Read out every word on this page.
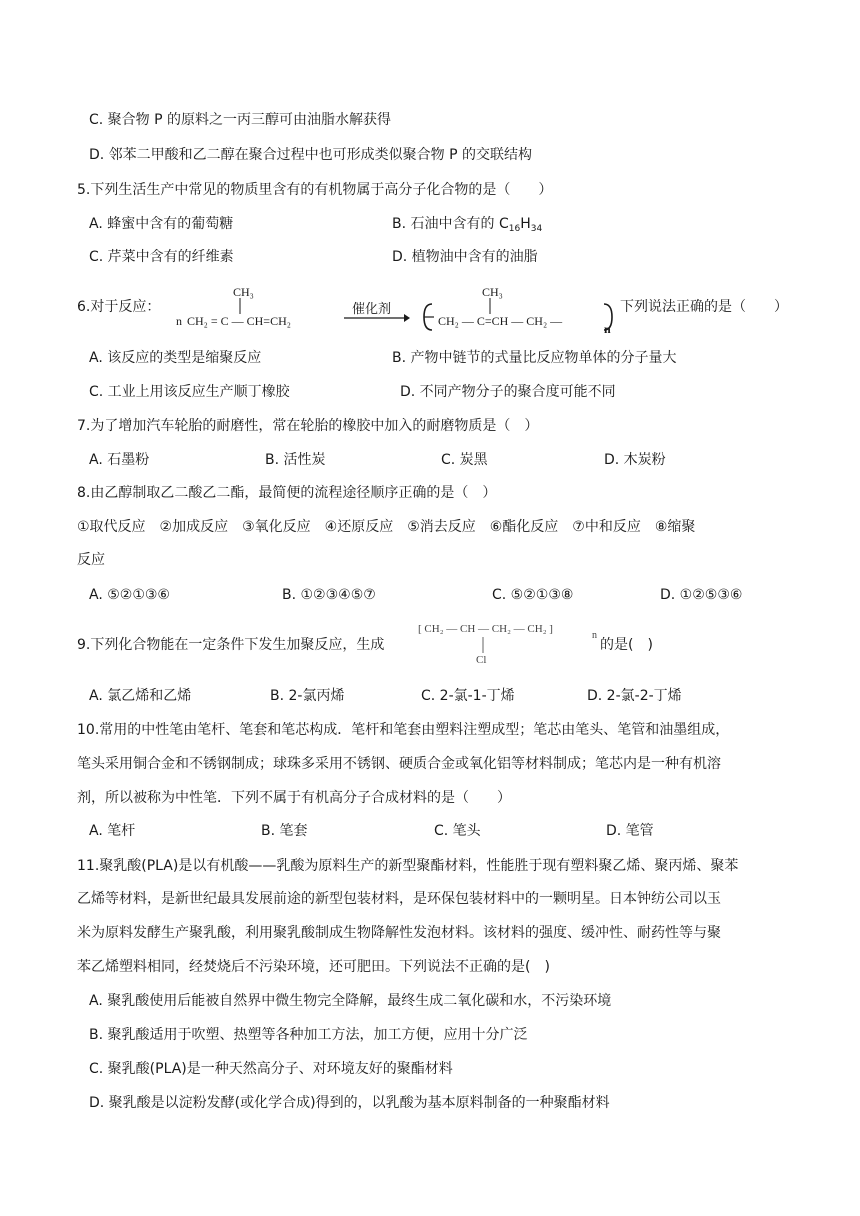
C. 聚合物 P 的原料之一丙三醇可由油脂水解获得
D. 邻苯二甲酸和乙二醇在聚合过程中也可形成类似聚合物 P 的交联结构
5.下列生活生产中常见的物质里含有的有机物属于高分子化合物的是（　　）
A. 蜂蜜中含有的葡萄糖	B. 石油中含有的 $C_{16}H_{34}$
C. 芹菜中含有的纤维素	D. 植物油中含有的油脂
6.对于反应：
CH₃
n CH₂ = C — CH=CH₂
催化剂
CH₃
CH₂ — C=CH — CH₂ —
n
下列说法正确的是（　　）
A. 该反应的类型是缩聚反应	B. 产物中链节的式量比反应物单体的分子量大
C. 工业上用该反应生产顺丁橡胶	D. 不同产物分子的聚合度可能不同
7.为了增加汽车轮胎的耐磨性，常在轮胎的橡胶中加入的耐磨物质是（　）
A. 石墨粉	B. 活性炭	C. 炭黑	D. 木炭粉
8.由乙醇制取乙二酸乙二酯，最简便的流程途径顺序正确的是（　）
①取代反应　②加成反应　③氧化反应　④还原反应　⑤消去反应　⑥酯化反应　⑦中和反应　⑧缩聚
反应
A. ⑤②①③⑥	B. ①②③④⑤⑦	C. ⑤②①③⑧	D. ①②⑤③⑥
9.下列化合物能在一定条件下发生加聚反应，生成
[ CH₂ — CH — CH₂ — CH₂ ]
n
Cl
的是(　)
A. 氯乙烯和乙烯	B. 2-氯丙烯	C. 2-氯-1-丁烯	D. 2-氯-2-丁烯
10.常用的中性笔由笔杆、笔套和笔芯构成．笔杆和笔套由塑料注塑成型；笔芯由笔头、笔管和油墨组成，
笔头采用铜合金和不锈钢制成；球珠多采用不锈钢、硬质合金或氧化铝等材料制成；笔芯内是一种有机溶
剂，所以被称为中性笔．下列不属于有机高分子合成材料的是（　　）
A. 笔杆	B. 笔套	C. 笔头	D. 笔管
11.聚乳酸(PLA)是以有机酸——乳酸为原料生产的新型聚酯材料，性能胜于现有塑料聚乙烯、聚丙烯、聚苯
乙烯等材料，是新世纪最具发展前途的新型包装材料，是环保包装材料中的一颗明星。日本钟纺公司以玉
米为原料发酵生产聚乳酸，利用聚乳酸制成生物降解性发泡材料。该材料的强度、缓冲性、耐药性等与聚
苯乙烯塑料相同，经焚烧后不污染环境，还可肥田。下列说法不正确的是(　)
A. 聚乳酸使用后能被自然界中微生物完全降解，最终生成二氧化碳和水，不污染环境
B. 聚乳酸适用于吹塑、热塑等各种加工方法，加工方便，应用十分广泛
C. 聚乳酸(PLA)是一种天然高分子、对环境友好的聚酯材料
D. 聚乳酸是以淀粉发酵(或化学合成)得到的，以乳酸为基本原料制备的一种聚酯材料
